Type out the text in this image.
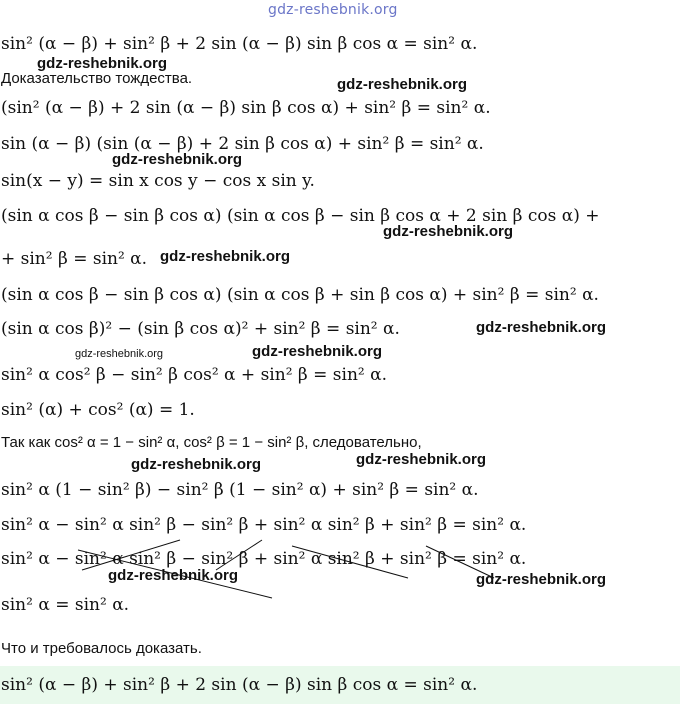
gdz-reshebnik.org
sin² (α − β) + sin² β + 2 sin (α − β) sin β cos α = sin² α.
gdz-reshebnik.org
Доказательство тождества.	gdz-reshebnik.org
(sin² (α − β) + 2 sin (α − β) sin β cos α) + sin² β = sin² α.
sin (α − β) (sin (α − β) + 2 sin β cos α) + sin² β = sin² α.
gdz-reshebnik.org
sin(x − y) = sin x cos y − cos x sin y.
(sin α cos β − sin β cos α) (sin α cos β − sin β cos α + 2 sin β cos α) +
gdz-reshebnik.org
+ sin² β = sin² α. gdz-reshebnik.org
(sin α cos β − sin β cos α) (sin α cos β + sin β cos α) + sin² β = sin² α.
(sin α cos β)² − (sin β cos α)² + sin² β = sin² α.	gdz-reshebnik.org
gdz-reshebnik.org	gdz-reshebnik.org
sin² α cos² β − sin² β cos² α + sin² β = sin² α.
sin² (α) + cos² (α) = 1.
Так как cos² α = 1 − sin² α, cos² β = 1 − sin² β, следовательно,
gdz-reshebnik.org	gdz-reshebnik.org
sin² α (1 − sin² β) − sin² β (1 − sin² α) + sin² β = sin² α.
sin² α − sin² α sin² β − sin² β + sin² α sin² β + sin² β = sin² α.
sin² α − sin² α sin² β − sin² β + sin² α sin² β + sin² β = sin² α.
gdz-reshebnik.org	gdz-reshebnik.org
sin² α = sin² α.
Что и требовалось доказать.
sin² (α − β) + sin² β + 2 sin (α − β) sin β cos α = sin² α.
